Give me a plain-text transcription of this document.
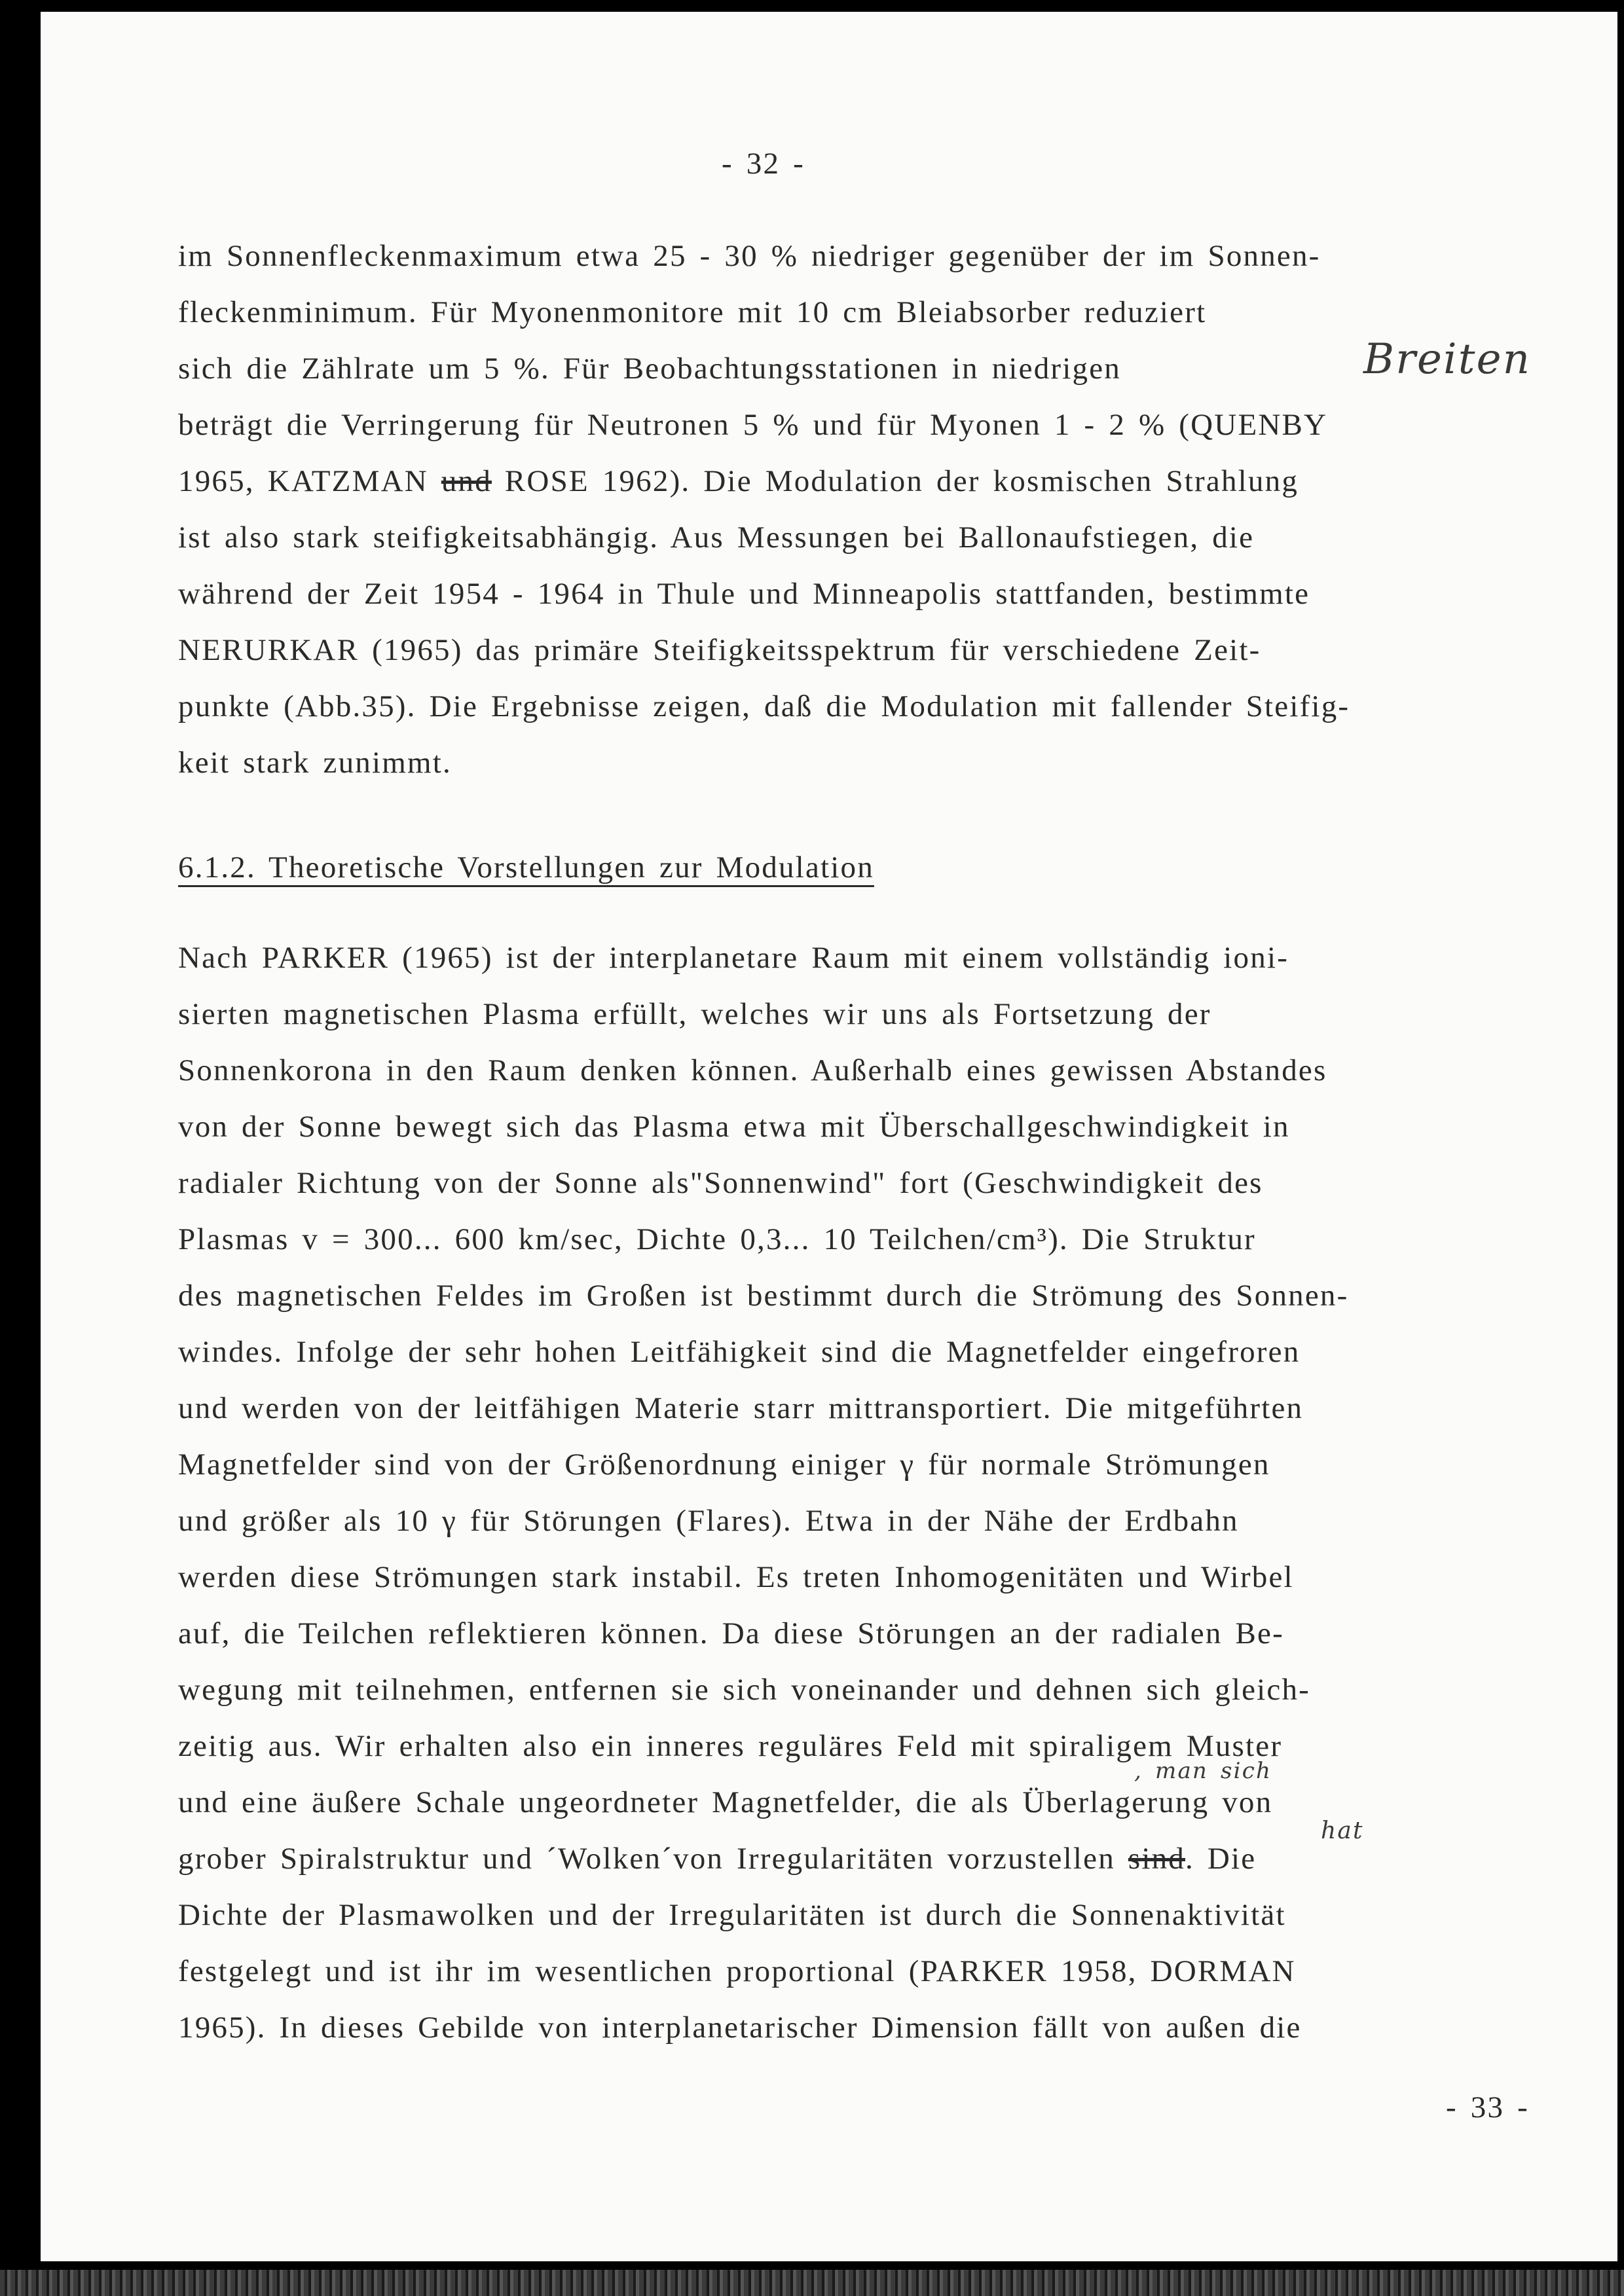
- 32 -
im Sonnenfleckenmaximum etwa 25 - 30 % niedriger gegenüber der im Sonnen-
fleckenminimum. Für Myonenmonitore mit 10 cm Bleiabsorber reduziert
sich die Zählrate um 5 %. Für Beobachtungsstationen in niedrigen	Breiten
beträgt die Verringerung für Neutronen 5 % und für Myonen 1 - 2 % (QUENBY
1965, KATZMAN und ROSE 1962). Die Modulation der kosmischen Strahlung
ist also stark steifigkeitsabhängig. Aus Messungen bei Ballonaufstiegen, die
während der Zeit 1954 - 1964 in Thule und Minneapolis stattfanden, bestimmte
NERURKAR (1965) das primäre Steifigkeitsspektrum für verschiedene Zeit-
punkte (Abb.35). Die Ergebnisse zeigen, daß die Modulation mit fallender Steifig-
keit stark zunimmt.
6.1.2. Theoretische Vorstellungen zur Modulation
Nach PARKER (1965) ist der interplanetare Raum mit einem vollständig ioni-
sierten magnetischen Plasma erfüllt, welches wir uns als Fortsetzung der
Sonnenkorona in den Raum denken können. Außerhalb eines gewissen Abstandes
von der Sonne bewegt sich das Plasma etwa mit Überschallgeschwindigkeit in
radialer Richtung von der Sonne als"Sonnenwind" fort (Geschwindigkeit des
Plasmas v = 300... 600 km/sec, Dichte 0,3... 10 Teilchen/cm³). Die Struktur
des magnetischen Feldes im Großen ist bestimmt durch die Strömung des Sonnen-
windes. Infolge der sehr hohen Leitfähigkeit sind die Magnetfelder eingefroren
und werden von der leitfähigen Materie starr mittransportiert. Die mitgeführten
Magnetfelder sind von der Größenordnung einiger γ für normale Strömungen
und größer als 10 γ für Störungen (Flares). Etwa in der Nähe der Erdbahn
werden diese Strömungen stark instabil. Es treten Inhomogenitäten und Wirbel
auf, die Teilchen reflektieren können. Da diese Störungen an der radialen Be-
wegung mit teilnehmen, entfernen sie sich voneinander und dehnen sich gleich-
zeitig aus. Wir erhalten also ein inneres reguläres Feld mit spiraligem Muster
und eine äußere Schale ungeordneter Magnetfelder, die als Überlagerung von
, man sich
grober Spiralstruktur und ´Wolken´von Irregularitäten vorzustellen sind. Die
hat
Dichte der Plasmawolken und der Irregularitäten ist durch die Sonnenaktivität
festgelegt und ist ihr im wesentlichen proportional (PARKER 1958, DORMAN
1965). In dieses Gebilde von interplanetarischer Dimension fällt von außen die
- 33 -
